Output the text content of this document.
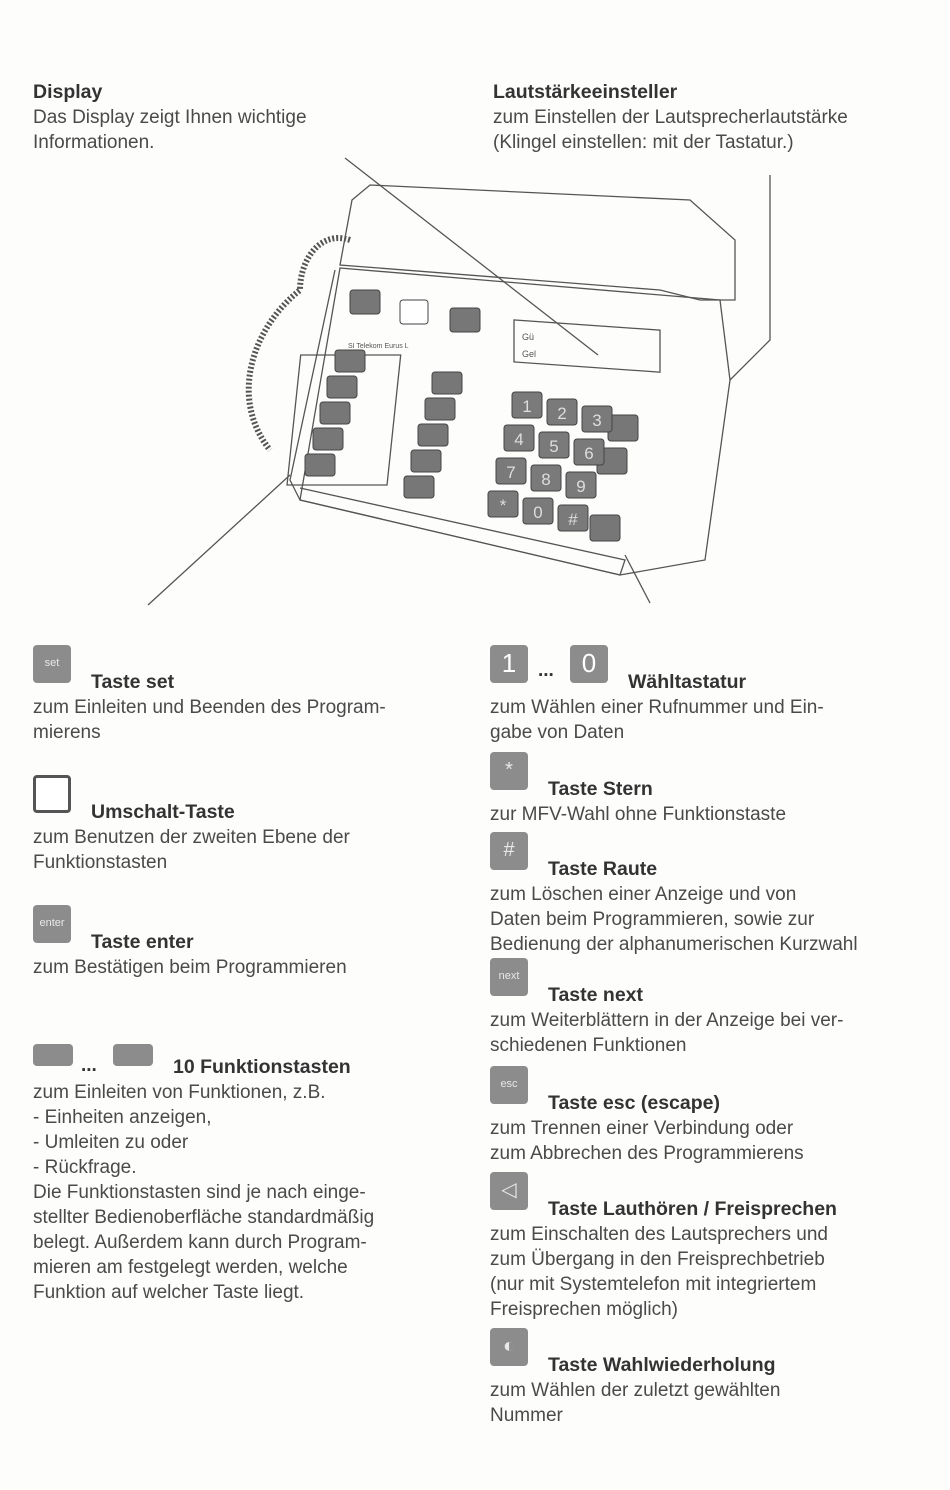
Display
Das Display zeigt Ihnen wichtige
Informationen.
Lautstärkeeinsteller
zum Einstellen der Lautsprecherlautstärke
(Klingel einstellen: mit der Tastatur.)
SI Telekom Eurus L
Gü
Gel
1 2 3
4 5 6
7 8 9
* 0 #
set
Taste set
zum Einleiten und Beenden des Program-
mierens
Umschalt-Taste
zum Benutzen der zweiten Ebene der
Funktionstasten
enter
Taste enter
zum Bestätigen beim Programmieren
...	10 Funktionstasten
zum Einleiten von Funktionen, z.B.
- Einheiten anzeigen,
- Umleiten zu oder
- Rückfrage.
Die Funktionstasten sind je nach einge-
stellter Bedienoberfläche standardmäßig
belegt. Außerdem kann durch Program-
mieren am festgelegt werden, welche
Funktion auf welcher Taste liegt.
1	...	0
Wähltastatur
zum Wählen einer Rufnummer und Ein-
gabe von Daten
*
Taste Stern
zur MFV-Wahl ohne Funktionstaste
#
Taste Raute
zum Löschen einer Anzeige und von
Daten beim Programmieren, sowie zur
Bedienung der alphanumerischen Kurzwahl
next
Taste next
zum Weiterblättern in der Anzeige bei ver-
schiedenen Funktionen
esc
Taste esc (escape)
zum Trennen einer Verbindung oder
zum Abbrechen des Programmierens
◁
Taste Lauthören / Freisprechen
zum Einschalten des Lautsprechers und
zum Übergang in den Freisprechbetrieb
(nur mit Systemtelefon mit integriertem
Freisprechen möglich)
◐
Taste Wahlwiederholung
zum Wählen der zuletzt gewählten
Nummer
